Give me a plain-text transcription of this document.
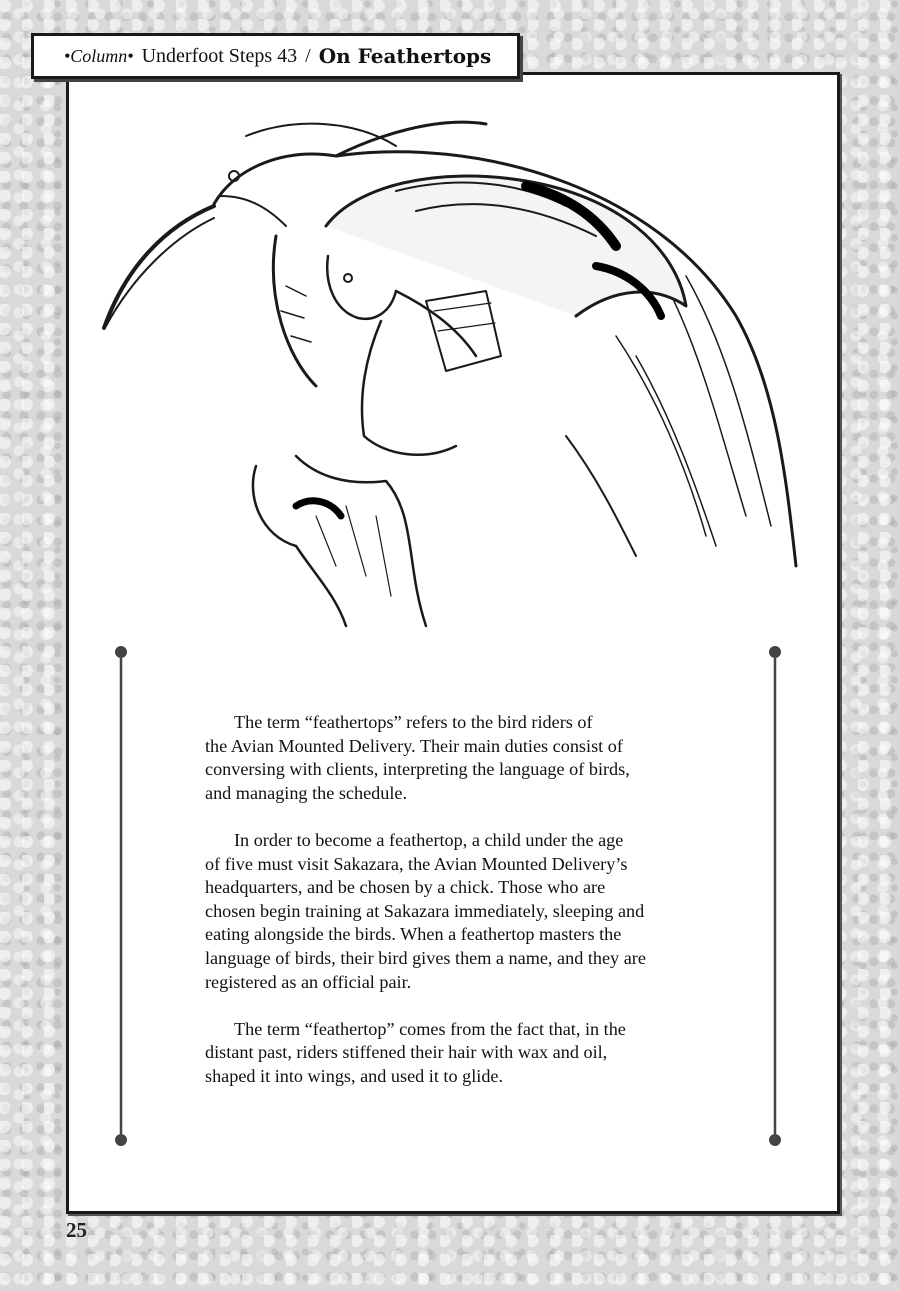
•Column• Underfoot Steps 43 / On Feathertops

The term “feathertops” refers to the bird riders of
the Avian Mounted Delivery. Their main duties consist of
conversing with clients, interpreting the language of birds,
and managing the schedule.

In order to become a feathertop, a child under the age
of five must visit Sakazara, the Avian Mounted Delivery’s
headquarters, and be chosen by a chick. Those who are
chosen begin training at Sakazara immediately, sleeping and
eating alongside the birds. When a feathertop masters the
language of birds, their bird gives them a name, and they are
registered as an official pair.

The term “feathertop” comes from the fact that, in the
distant past, riders stiffened their hair with wax and oil,
shaped it into wings, and used it to glide.

25
